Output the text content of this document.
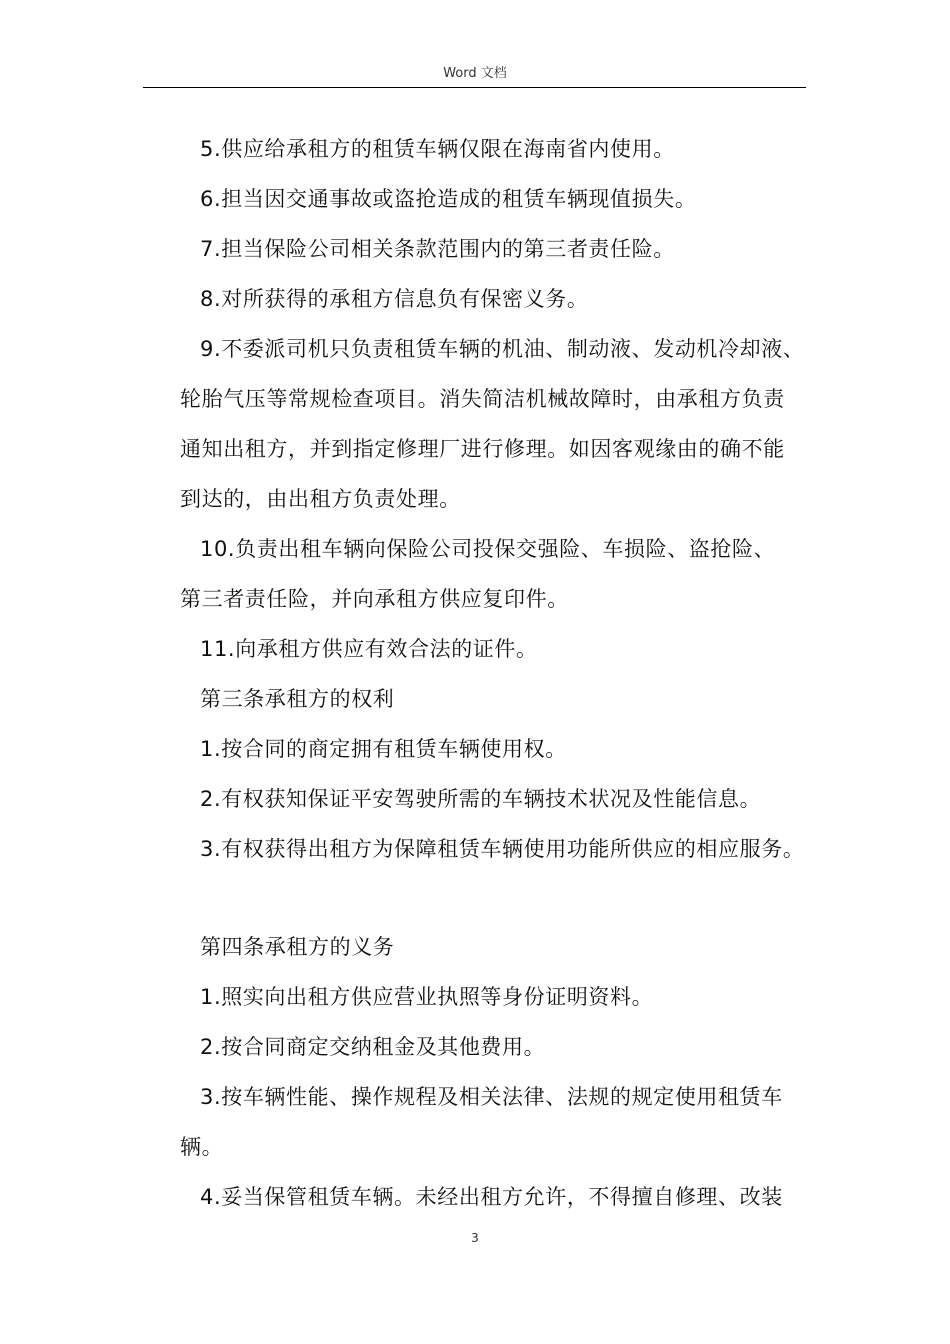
Word 文档
5.供应给承租方的租赁车辆仅限在海南省内使用。
6.担当因交通事故或盗抢造成的租赁车辆现值损失。
7.担当保险公司相关条款范围内的第三者责任险。
8.对所获得的承租方信息负有保密义务。
9.不委派司机只负责租赁车辆的机油、制动液、发动机冷却液、
轮胎气压等常规检查项目。消失简洁机械故障时，由承租方负责
通知出租方，并到指定修理厂进行修理。如因客观缘由的确不能
到达的，由出租方负责处理。
10.负责出租车辆向保险公司投保交强险、车损险、盗抢险、
第三者责任险，并向承租方供应复印件。
11.向承租方供应有效合法的证件。
第三条承租方的权利
1.按合同的商定拥有租赁车辆使用权。
2.有权获知保证平安驾驶所需的车辆技术状况及性能信息。
3.有权获得出租方为保障租赁车辆使用功能所供应的相应服务。
第四条承租方的义务
1.照实向出租方供应营业执照等身份证明资料。
2.按合同商定交纳租金及其他费用。
3.按车辆性能、操作规程及相关法律、法规的规定使用租赁车
辆。
4.妥当保管租赁车辆。未经出租方允许，不得擅自修理、改装
3
